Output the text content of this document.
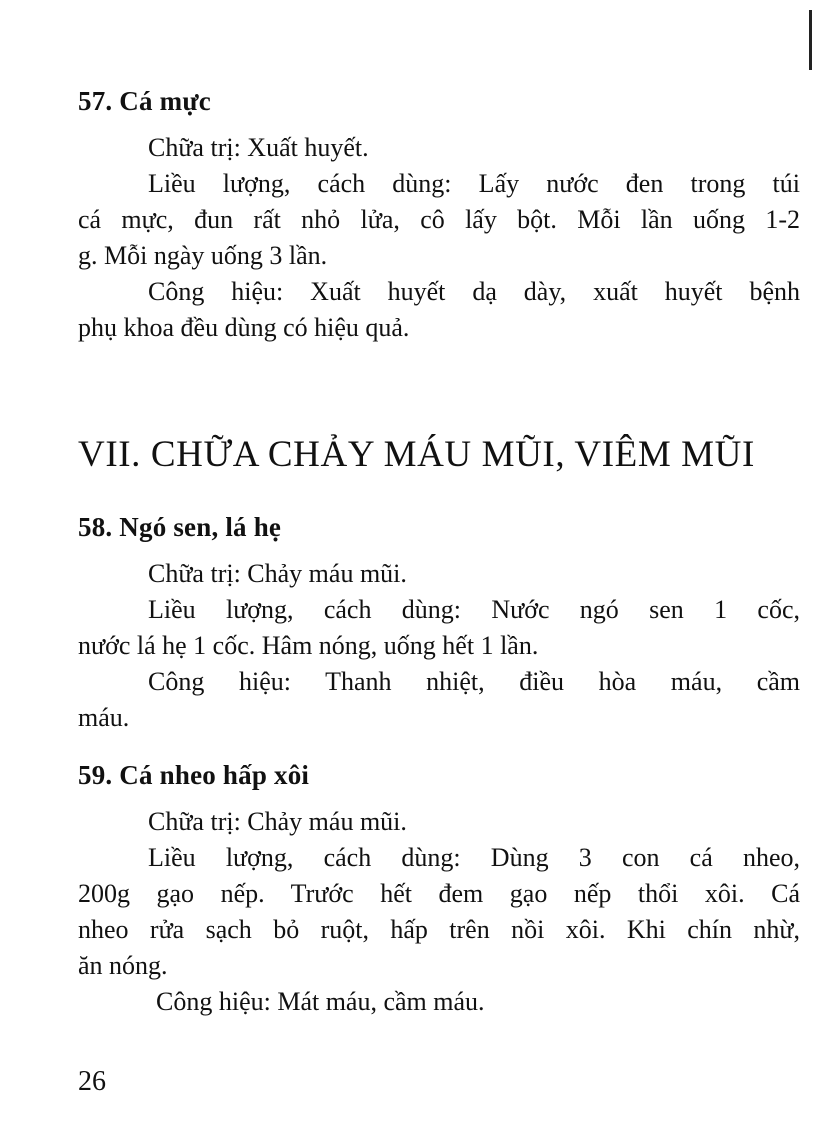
57. Cá mực
Chữa trị: Xuất huyết.
Liều lượng, cách dùng: Lấy nước đen trong túi
cá mực, đun rất nhỏ lửa, cô lấy bột. Mỗi lần uống 1-2
g. Mỗi ngày uống 3 lần.
Công hiệu: Xuất huyết dạ dày, xuất huyết bệnh
phụ khoa đều dùng có hiệu quả.
VII. CHỮA CHẢY MÁU MŨI, VIÊM MŨI
58. Ngó sen, lá hẹ
Chữa trị: Chảy máu mũi.
Liều lượng, cách dùng: Nước ngó sen 1 cốc,
nước lá hẹ 1 cốc. Hâm nóng, uống hết 1 lần.
Công hiệu: Thanh nhiệt, điều hòa máu, cầm
máu.
59. Cá nheo hấp xôi
Chữa trị: Chảy máu mũi.
Liều lượng, cách dùng: Dùng 3 con cá nheo,
200g gạo nếp. Trước hết đem gạo nếp thổi xôi. Cá
nheo rửa sạch bỏ ruột, hấp trên nồi xôi. Khi chín nhừ,
ăn nóng.
Công hiệu: Mát máu, cầm máu.
26
